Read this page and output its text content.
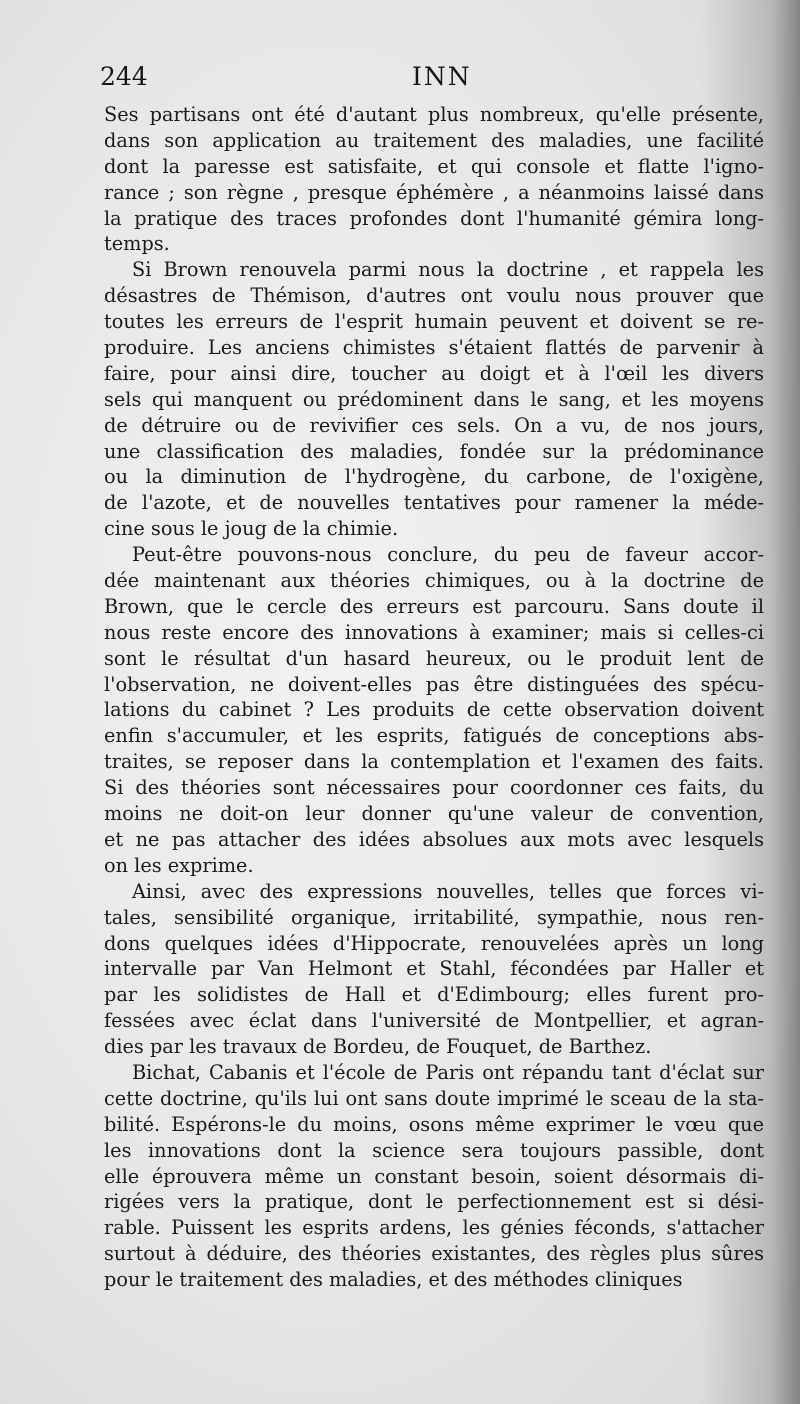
244	INN
Ses partisans ont été d'autant plus nombreux, qu'elle présente,
dans son application au traitement des maladies, une facilité
dont la paresse est satisfaite, et qui console et flatte l'igno-
rance ; son règne , presque éphémère , a néanmoins laissé dans
la pratique des traces profondes dont l'humanité gémira long-
temps.
Si Brown renouvela parmi nous la doctrine , et rappela les
désastres de Thémison, d'autres ont voulu nous prouver que
toutes les erreurs de l'esprit humain peuvent et doivent se re-
produire. Les anciens chimistes s'étaient flattés de parvenir à
faire, pour ainsi dire, toucher au doigt et à l'œil les divers
sels qui manquent ou prédominent dans le sang, et les moyens
de détruire ou de revivifier ces sels. On a vu, de nos jours,
une classification des maladies, fondée sur la prédominance
ou la diminution de l'hydrogène, du carbone, de l'oxigène,
de l'azote, et de nouvelles tentatives pour ramener la méde-
cine sous le joug de la chimie.
Peut-être pouvons-nous conclure, du peu de faveur accor-
dée maintenant aux théories chimiques, ou à la doctrine de
Brown, que le cercle des erreurs est parcouru. Sans doute il
nous reste encore des innovations à examiner; mais si celles-ci
sont le résultat d'un hasard heureux, ou le produit lent de
l'observation, ne doivent-elles pas être distinguées des spécu-
lations du cabinet ? Les produits de cette observation doivent
enfin s'accumuler, et les esprits, fatigués de conceptions abs-
traites, se reposer dans la contemplation et l'examen des faits.
Si des théories sont nécessaires pour coordonner ces faits, du
moins ne doit-on leur donner qu'une valeur de convention,
et ne pas attacher des idées absolues aux mots avec lesquels
on les exprime.
Ainsi, avec des expressions nouvelles, telles que forces vi-
tales, sensibilité organique, irritabilité, sympathie, nous ren-
dons quelques idées d'Hippocrate, renouvelées après un long
intervalle par Van Helmont et Stahl, fécondées par Haller et
par les solidistes de Hall et d'Edimbourg; elles furent pro-
fessées avec éclat dans l'université de Montpellier, et agran-
dies par les travaux de Bordeu, de Fouquet, de Barthez.
Bichat, Cabanis et l'école de Paris ont répandu tant d'éclat sur
cette doctrine, qu'ils lui ont sans doute imprimé le sceau de la sta-
bilité. Espérons-le du moins, osons même exprimer le vœu que
les innovations dont la science sera toujours passible, dont
elle éprouvera même un constant besoin, soient désormais di-
rigées vers la pratique, dont le perfectionnement est si dési-
rable. Puissent les esprits ardens, les génies féconds, s'attacher
surtout à déduire, des théories existantes, des règles plus sûres
pour le traitement des maladies, et des méthodes cliniques
